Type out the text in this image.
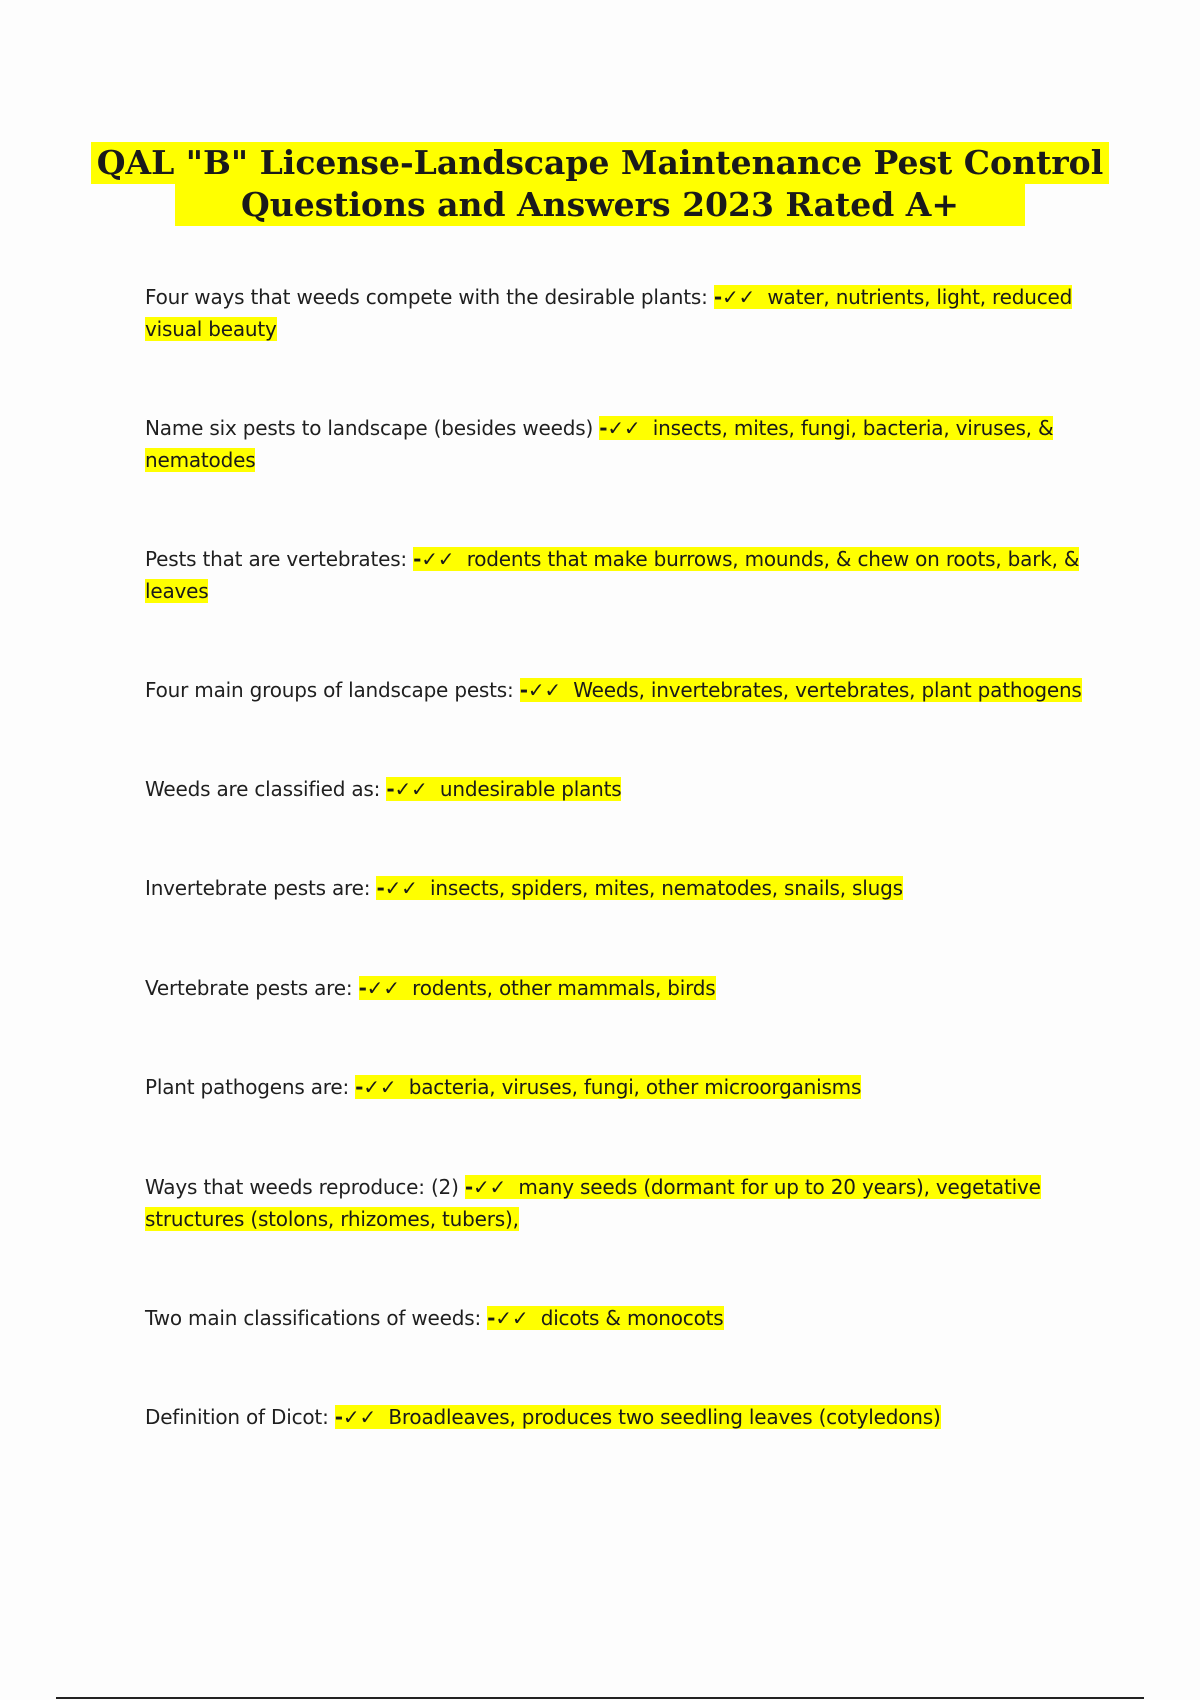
QAL "B" License-Landscape Maintenance Pest Control
Questions and Answers 2023 Rated A+
Four ways that weeds compete with the desirable plants: -✓✓ water, nutrients, light, reduced visual beauty
Name six pests to landscape (besides weeds) -✓✓ insects, mites, fungi, bacteria, viruses, & nematodes
Pests that are vertebrates: -✓✓ rodents that make burrows, mounds, & chew on roots, bark, & leaves
Four main groups of landscape pests: -✓✓ Weeds, invertebrates, vertebrates, plant pathogens
Weeds are classified as: -✓✓ undesirable plants
Invertebrate pests are: -✓✓ insects, spiders, mites, nematodes, snails, slugs
Vertebrate pests are: -✓✓ rodents, other mammals, birds
Plant pathogens are: -✓✓ bacteria, viruses, fungi, other microorganisms
Ways that weeds reproduce: (2) -✓✓ many seeds (dormant for up to 20 years), vegetative structures (stolons, rhizomes, tubers),
Two main classifications of weeds: -✓✓ dicots & monocots
Definition of Dicot: -✓✓ Broadleaves, produces two seedling leaves (cotyledons)
